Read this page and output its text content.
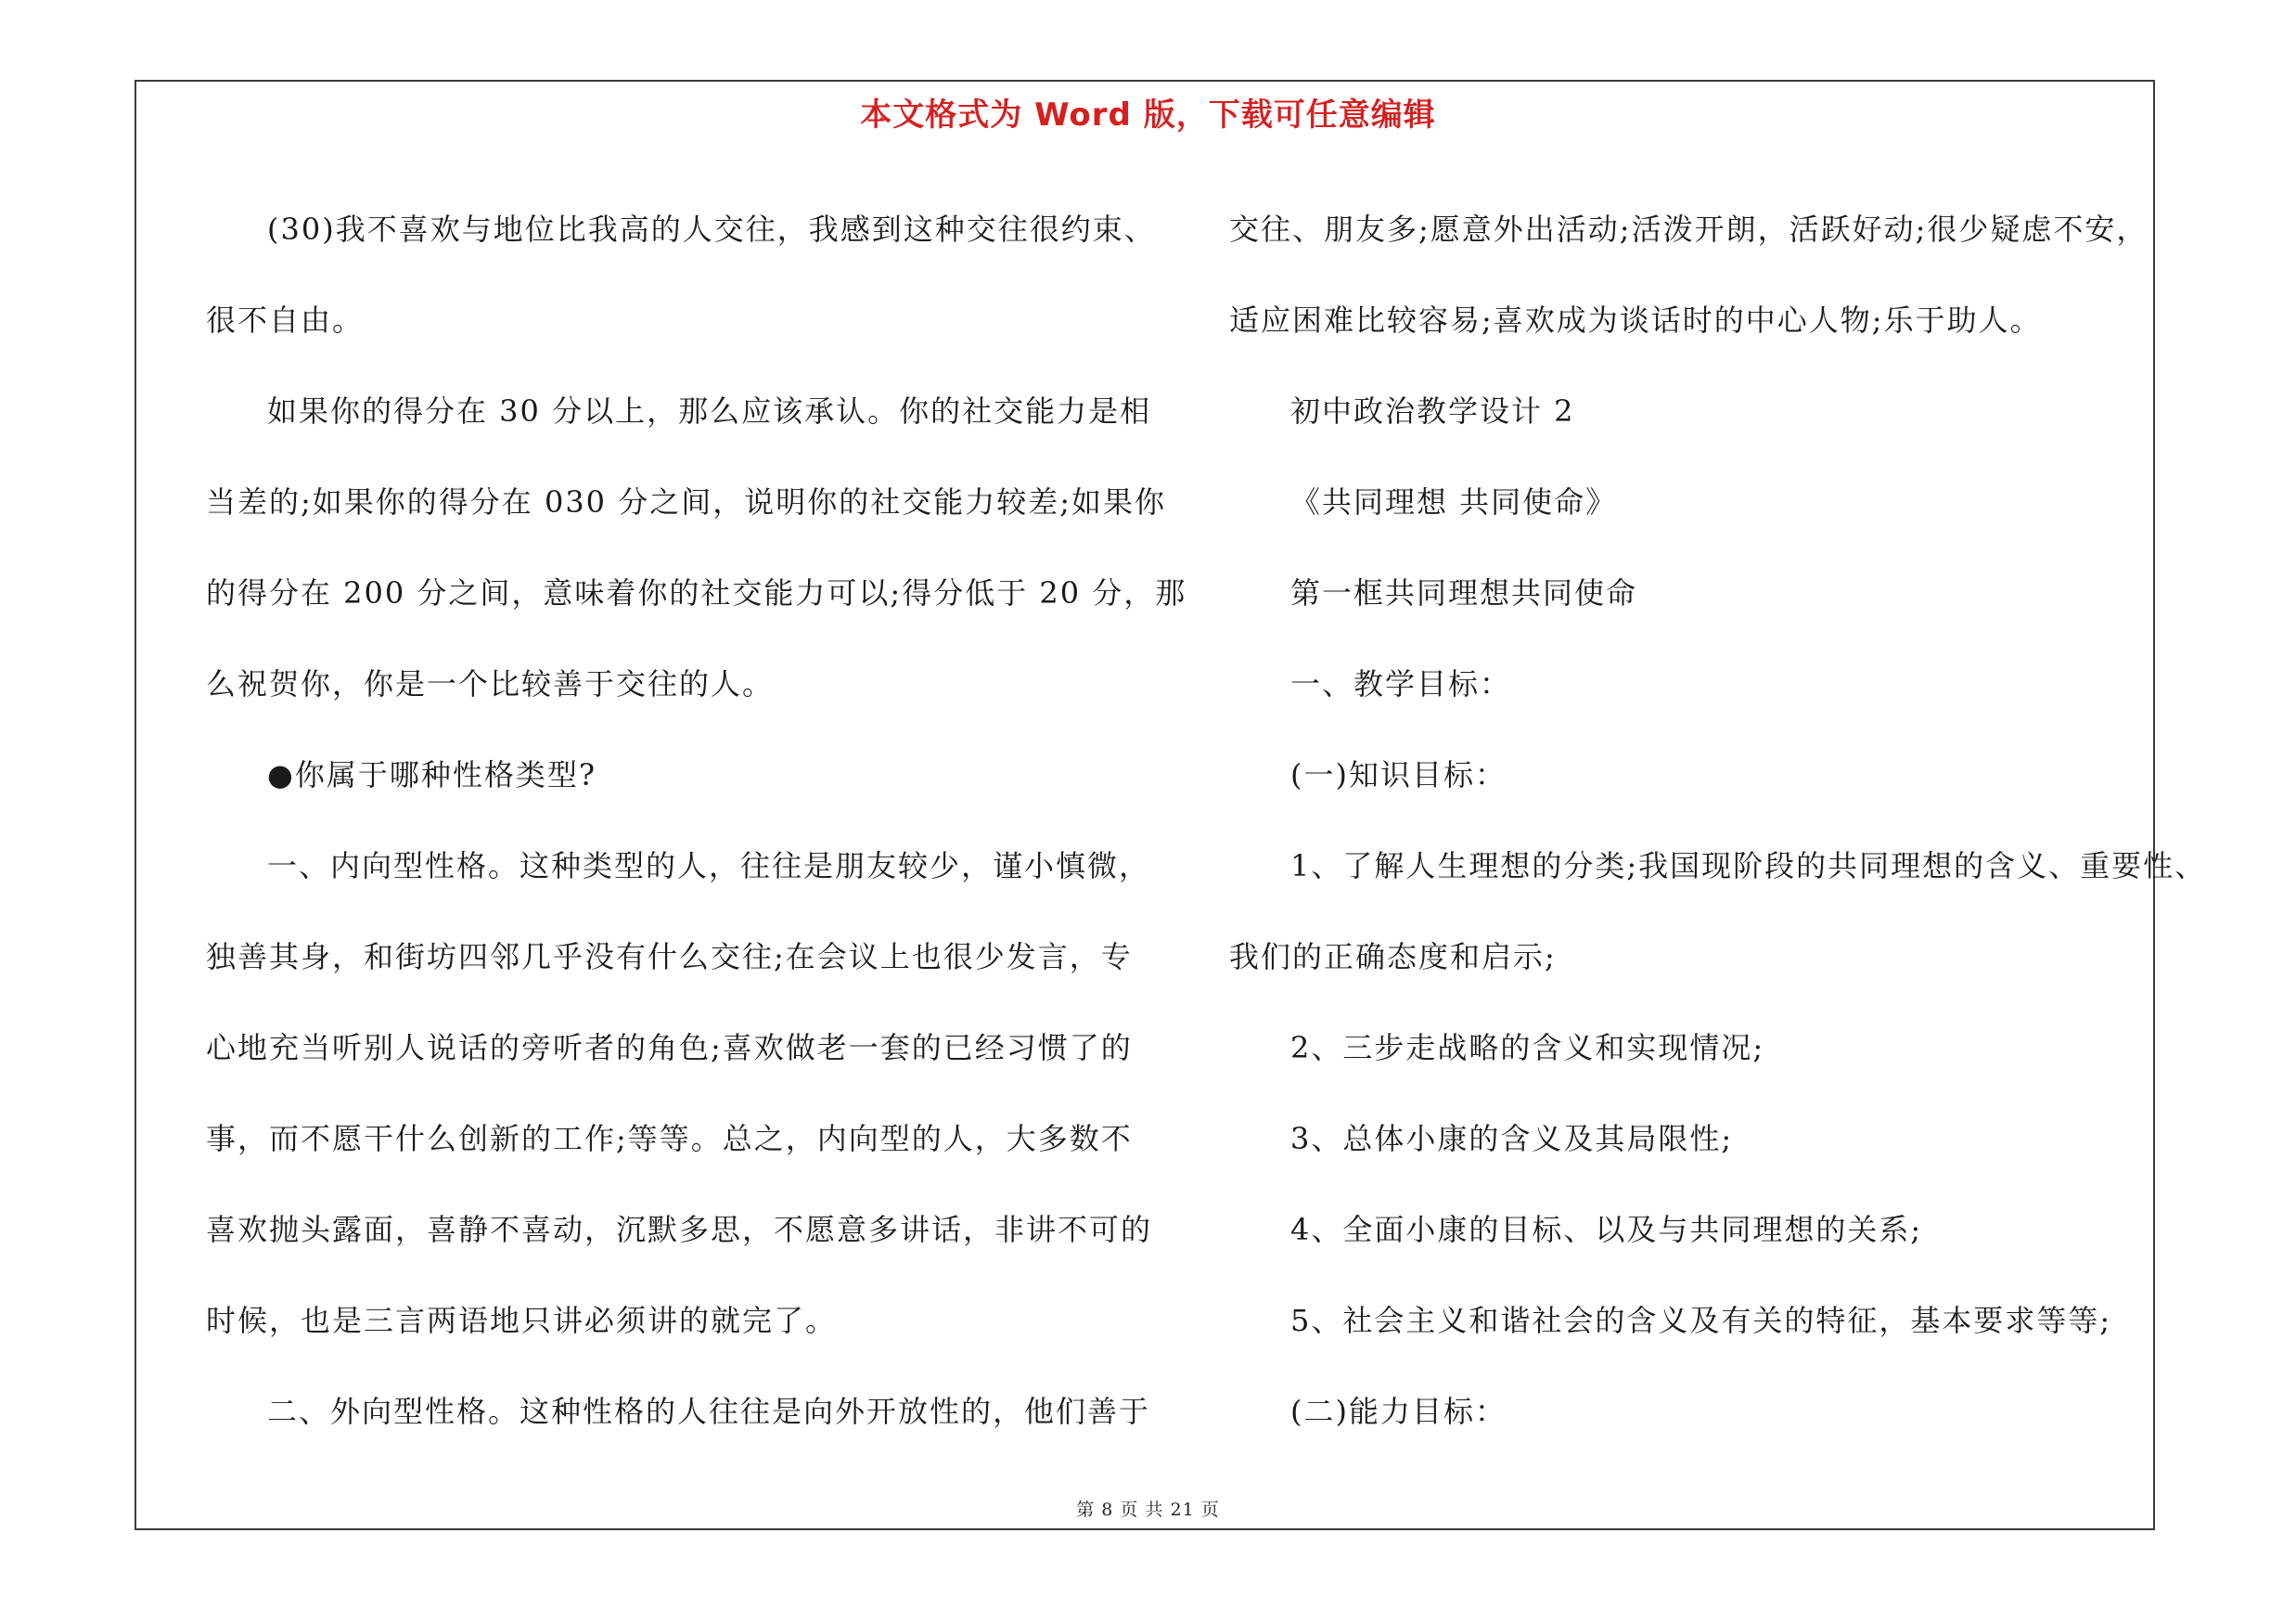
本文格式为 Word 版，下载可任意编辑

(30)我不喜欢与地位比我高的人交往，我感到这种交往很约束、

很不自由。

如果你的得分在 30 分以上，那么应该承认。你的社交能力是相

当差的;如果你的得分在 030 分之间，说明你的社交能力较差;如果你

的得分在 200 分之间，意味着你的社交能力可以;得分低于 20 分，那

么祝贺你，你是一个比较善于交往的人。

●你属于哪种性格类型?

一、内向型性格。这种类型的人，往往是朋友较少，谨小慎微，

独善其身，和街坊四邻几乎没有什么交往;在会议上也很少发言，专

心地充当听别人说话的旁听者的角色;喜欢做老一套的已经习惯了的

事，而不愿干什么创新的工作;等等。总之，内向型的人，大多数不

喜欢抛头露面，喜静不喜动，沉默多思，不愿意多讲话，非讲不可的

时候，也是三言两语地只讲必须讲的就完了。

二、外向型性格。这种性格的人往往是向外开放性的，他们善于

交往、朋友多;愿意外出活动;活泼开朗，活跃好动;很少疑虑不安，

适应困难比较容易;喜欢成为谈话时的中心人物;乐于助人。

初中政治教学设计 2

《共同理想 共同使命》

第一框共同理想共同使命

一、教学目标：

(一)知识目标：

1、了解人生理想的分类;我国现阶段的共同理想的含义、重要性、

我们的正确态度和启示;

2、三步走战略的含义和实现情况;

3、总体小康的含义及其局限性;

4、全面小康的目标、以及与共同理想的关系;

5、社会主义和谐社会的含义及有关的特征，基本要求等等;

(二)能力目标：

第 8 页 共 21 页
